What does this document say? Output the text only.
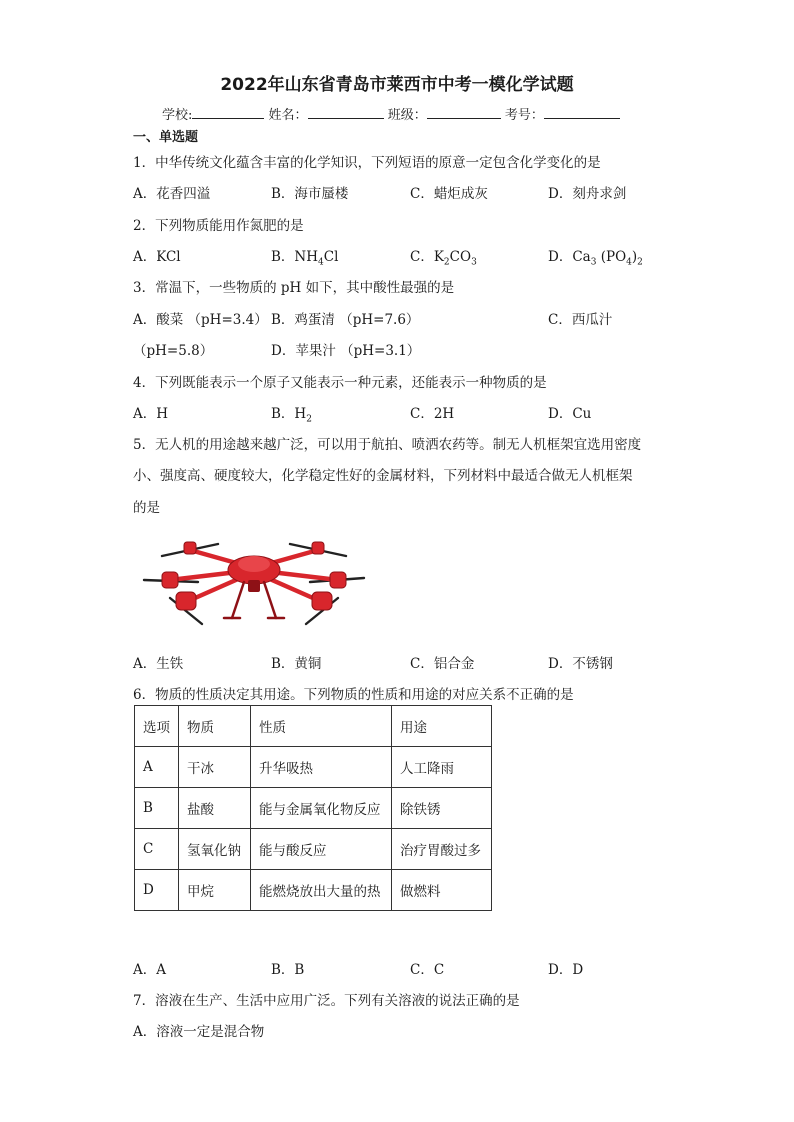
2022年山东省青岛市莱西市中考一模化学试题
学校:	姓名：	班级：	考号：
一、单选题
1．中华传统文化蕴含丰富的化学知识，下列短语的原意一定包含化学变化的是
A．花香四溢	B．海市蜃楼	C．蜡炬成灰	D．刻舟求剑
2．下列物质能用作氮肥的是
A．KCl	B．$NH_4Cl$	C．$K_2CO_3$	D．$Ca_3$ $(PO_4)_2$
3．常温下，一些物质的 pH 如下，其中酸性最强的是
A．酸菜 （pH=3.4） B．鸡蛋清 （pH=7.6）	C．西瓜汁
（pH=5.8）	D．苹果汁 （pH=3.1）
4．下列既能表示一个原子又能表示一种元素，还能表示一种物质的是
A．H	B．$H_2$	C．2H	D．Cu
5．无人机的用途越来越广泛，可以用于航拍、喷洒农药等。制无人机框架宜选用密度
小、强度高、硬度较大，化学稳定性好的金属材料，下列材料中最适合做无人机框架
的是
A．生铁	B．黄铜	C．铝合金	D．不锈钢
6．物质的性质决定其用途。下列物质的性质和用途的对应关系不正确的是
选项	物质	性质	用途
A	干冰	升华吸热	人工降雨
B	盐酸	能与金属氧化物反应	除铁锈
C	氢氧化钠	能与酸反应	治疗胃酸过多
D	甲烷	能燃烧放出大量的热	做燃料
A．A	B．B	C．C	D．D
7．溶液在生产、生活中应用广泛。下列有关溶液的说法正确的是
A．溶液一定是混合物
